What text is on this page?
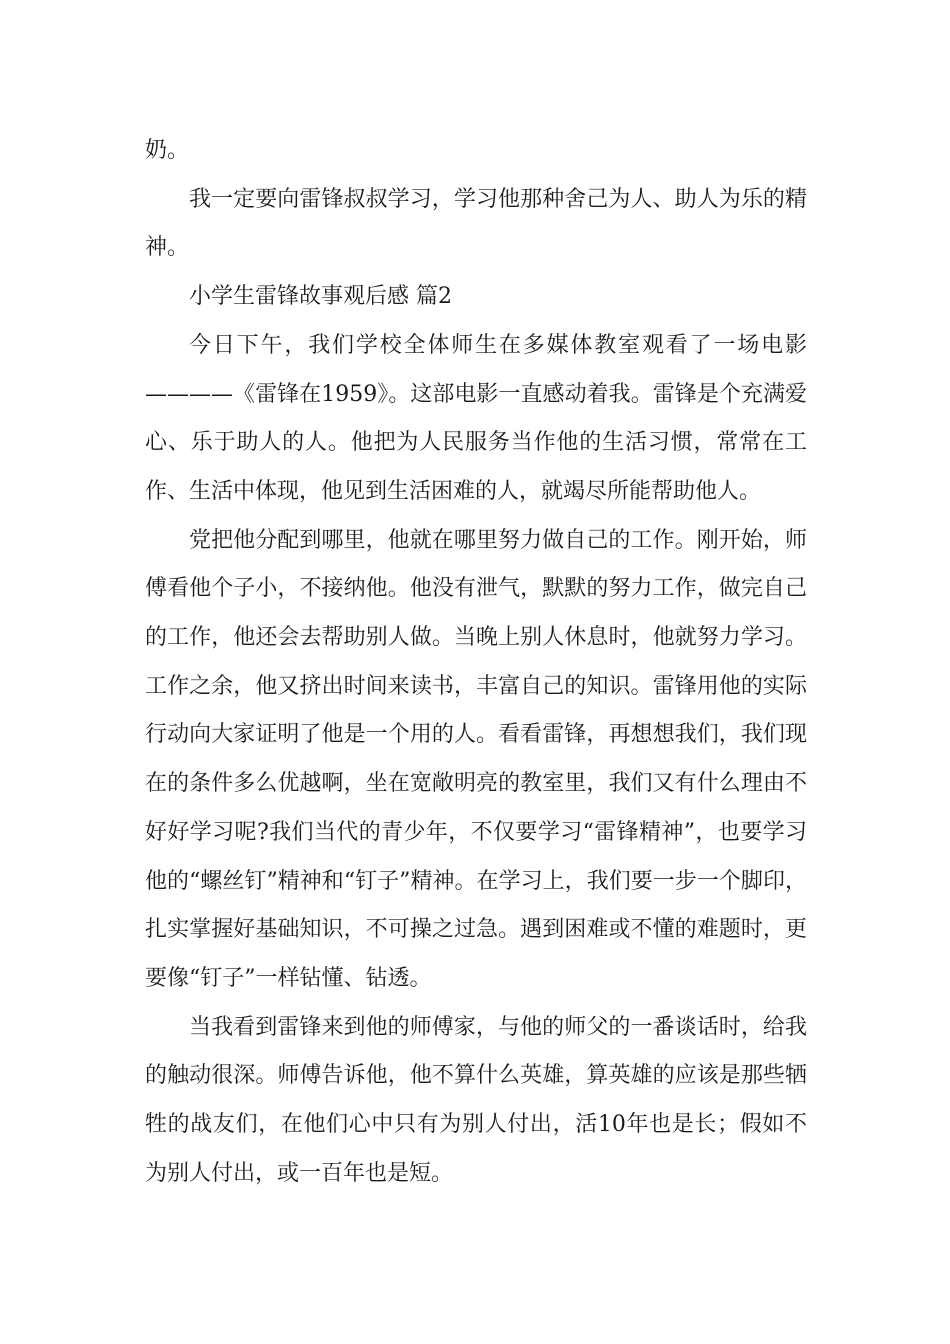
奶。

我一定要向雷锋叔叔学习，学习他那种舍己为人、助人为乐的精神。

小学生雷锋故事观后感 篇2

今日下午，我们学校全体师生在多媒体教室观看了一场电影————《雷锋在1959》。这部电影一直感动着我。雷锋是个充满爱心、乐于助人的人。他把为人民服务当作他的生活习惯，常常在工作、生活中体现，他见到生活困难的人，就竭尽所能帮助他人。

党把他分配到哪里，他就在哪里努力做自己的工作。刚开始，师傅看他个子小，不接纳他。他没有泄气，默默的努力工作，做完自己的工作，他还会去帮助别人做。当晚上别人休息时，他就努力学习。工作之余，他又挤出时间来读书，丰富自己的知识。雷锋用他的实际行动向大家证明了他是一个用的人。看看雷锋，再想想我们，我们现在的条件多么优越啊，坐在宽敞明亮的教室里，我们又有什么理由不好好学习呢?我们当代的青少年，不仅要学习“雷锋精神”，也要学习他的“螺丝钉”精神和“钉子”精神。在学习上，我们要一步一个脚印，扎实掌握好基础知识，不可操之过急。遇到困难或不懂的难题时，更要像“钉子”一样钻懂、钻透。

当我看到雷锋来到他的师傅家，与他的师父的一番谈话时，给我的触动很深。师傅告诉他，他不算什么英雄，算英雄的应该是那些牺牲的战友们，在他们心中只有为别人付出，活10年也是长；假如不为别人付出，或一百年也是短。
